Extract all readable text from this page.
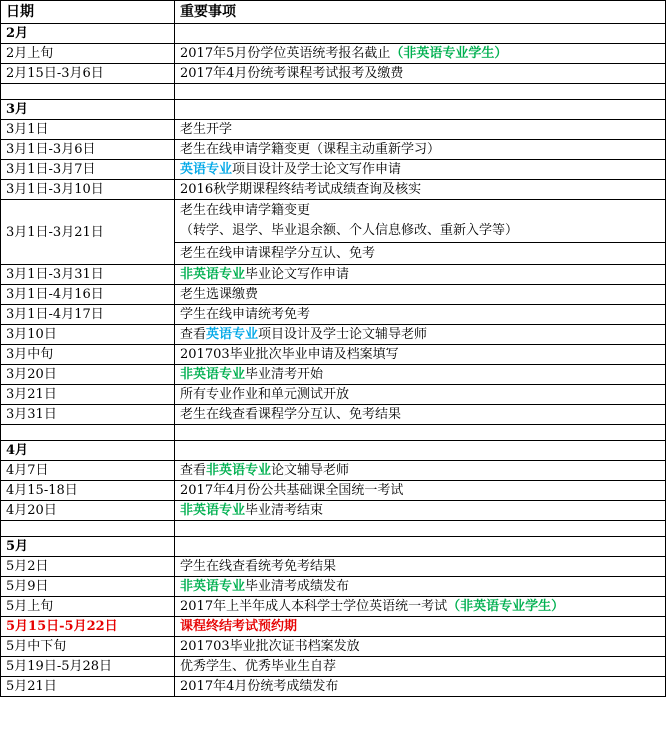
日期	重要事项
2月	
2月上旬	2017年5月份学位英语统考报名截止（非英语专业学生）
2月15日-3月6日	2017年4月份统考课程考试报考及缴费

3月	
3月1日	老生开学
3月1日-3月6日	老生在线申请学籍变更（课程主动重新学习）
3月1日-3月7日	英语专业项目设计及学士论文写作申请
3月1日-3月10日	2016秋学期课程终结考试成绩查询及核实
3月1日-3月21日	老生在线申请学籍变更
（转学、退学、毕业退余额、个人信息修改、重新入学等）

	老生在线申请课程学分互认、免考
3月1日-3月31日	非英语专业毕业论文写作申请
3月1日-4月16日	老生选课缴费
3月1日-4月17日	学生在线申请统考免考
3月10日	查看英语专业项目设计及学士论文辅导老师
3月中旬	201703毕业批次毕业申请及档案填写
3月20日	非英语专业毕业清考开始
3月21日	所有专业作业和单元测试开放
3月31日	老生在线查看课程学分互认、免考结果

4月	
4月7日	查看非英语专业论文辅导老师
4月15-18日	2017年4月份公共基础课全国统一考试
4月20日	非英语专业毕业清考结束

5月	
5月2日	学生在线查看统考免考结果
5月9日	非英语专业毕业清考成绩发布
5月上旬	2017年上半年成人本科学士学位英语统一考试（非英语专业学生）
5月15日-5月22日	课程终结考试预约期
5月中下旬	201703毕业批次证书档案发放
5月19日-5月28日	优秀学生、优秀毕业生自荐
5月21日	2017年4月份统考成绩发布
